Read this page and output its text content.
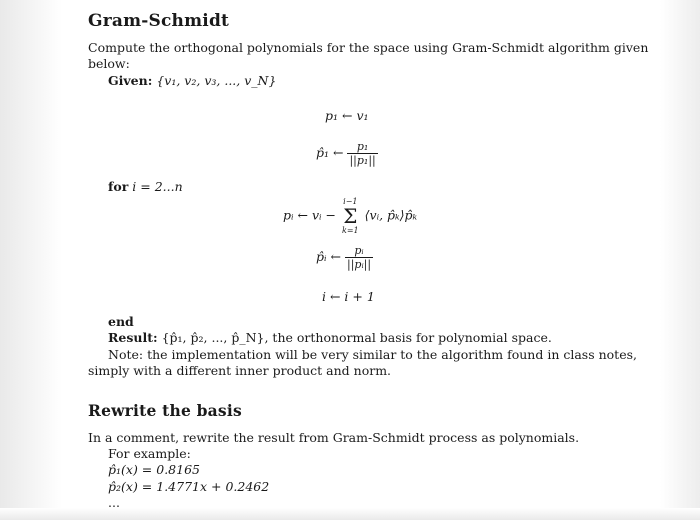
Gram-Schmidt
Compute the orthogonal polynomials for the space using Gram-Schmidt algorithm given
below:
Given: {v₁, v₂, v₃, ..., v_N}
p₁ ← v₁
p̂₁ ← $\frac{\text{p₁}}{\text{||p₁||}}$
for i = 2...n
pᵢ ← vᵢ −
i−1
Σ
k=1
⟨vᵢ, p̂ₖ⟩p̂ₖ
p̂ᵢ ← $\frac{\text{pᵢ}}{\text{||pᵢ||}}$
i ← i + 1
end
Result: {p̂₁, p̂₂, ..., p̂_N}, the orthonormal basis for polynomial space.
Note: the implementation will be very similar to the algorithm found in class notes,
simply with a different inner product and norm.
Rewrite the basis
In a comment, rewrite the result from Gram-Schmidt process as polynomials.
For example:
p̂₁(x) = 0.8165
p̂₂(x) = 1.4771x + 0.2462
...
